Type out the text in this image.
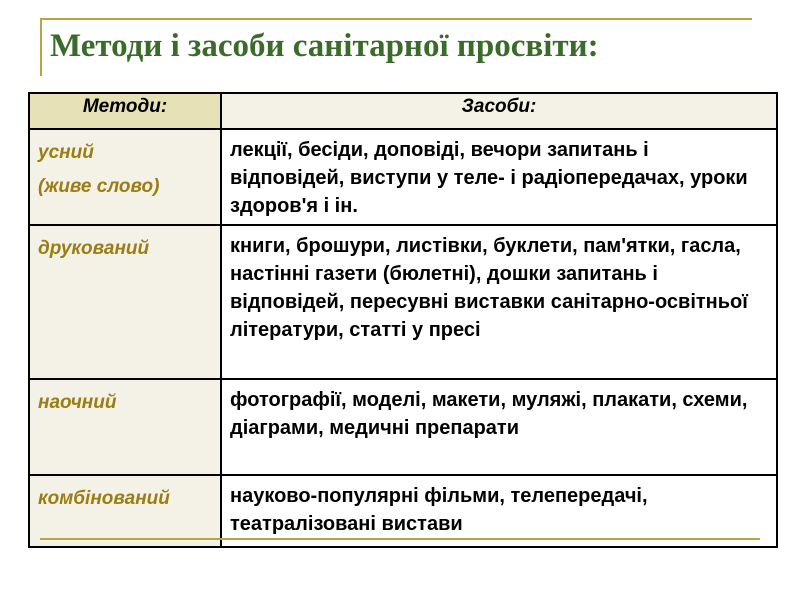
Методи і засоби санітарної просвіти:
Методи:	Засоби:

усний
(живе слово)	лекції, бесіди, доповіді, вечори запитань і відповідей, виступи у теле- і радіопередачах, уроки здоров'я і ін.

друкований	книги, брошури, листівки, буклети, пам'ятки, гасла, настінні газети (бюлетні), дошки запитань і відповідей, пересувні виставки санітарно-освітньої літератури, статті у пресі

наочний	фотографії, моделі, макети, муляжі, плакати, схеми, діаграми, медичні препарати

комбінований	науково-популярні фільми, телепередачі, театралізовані вистави
